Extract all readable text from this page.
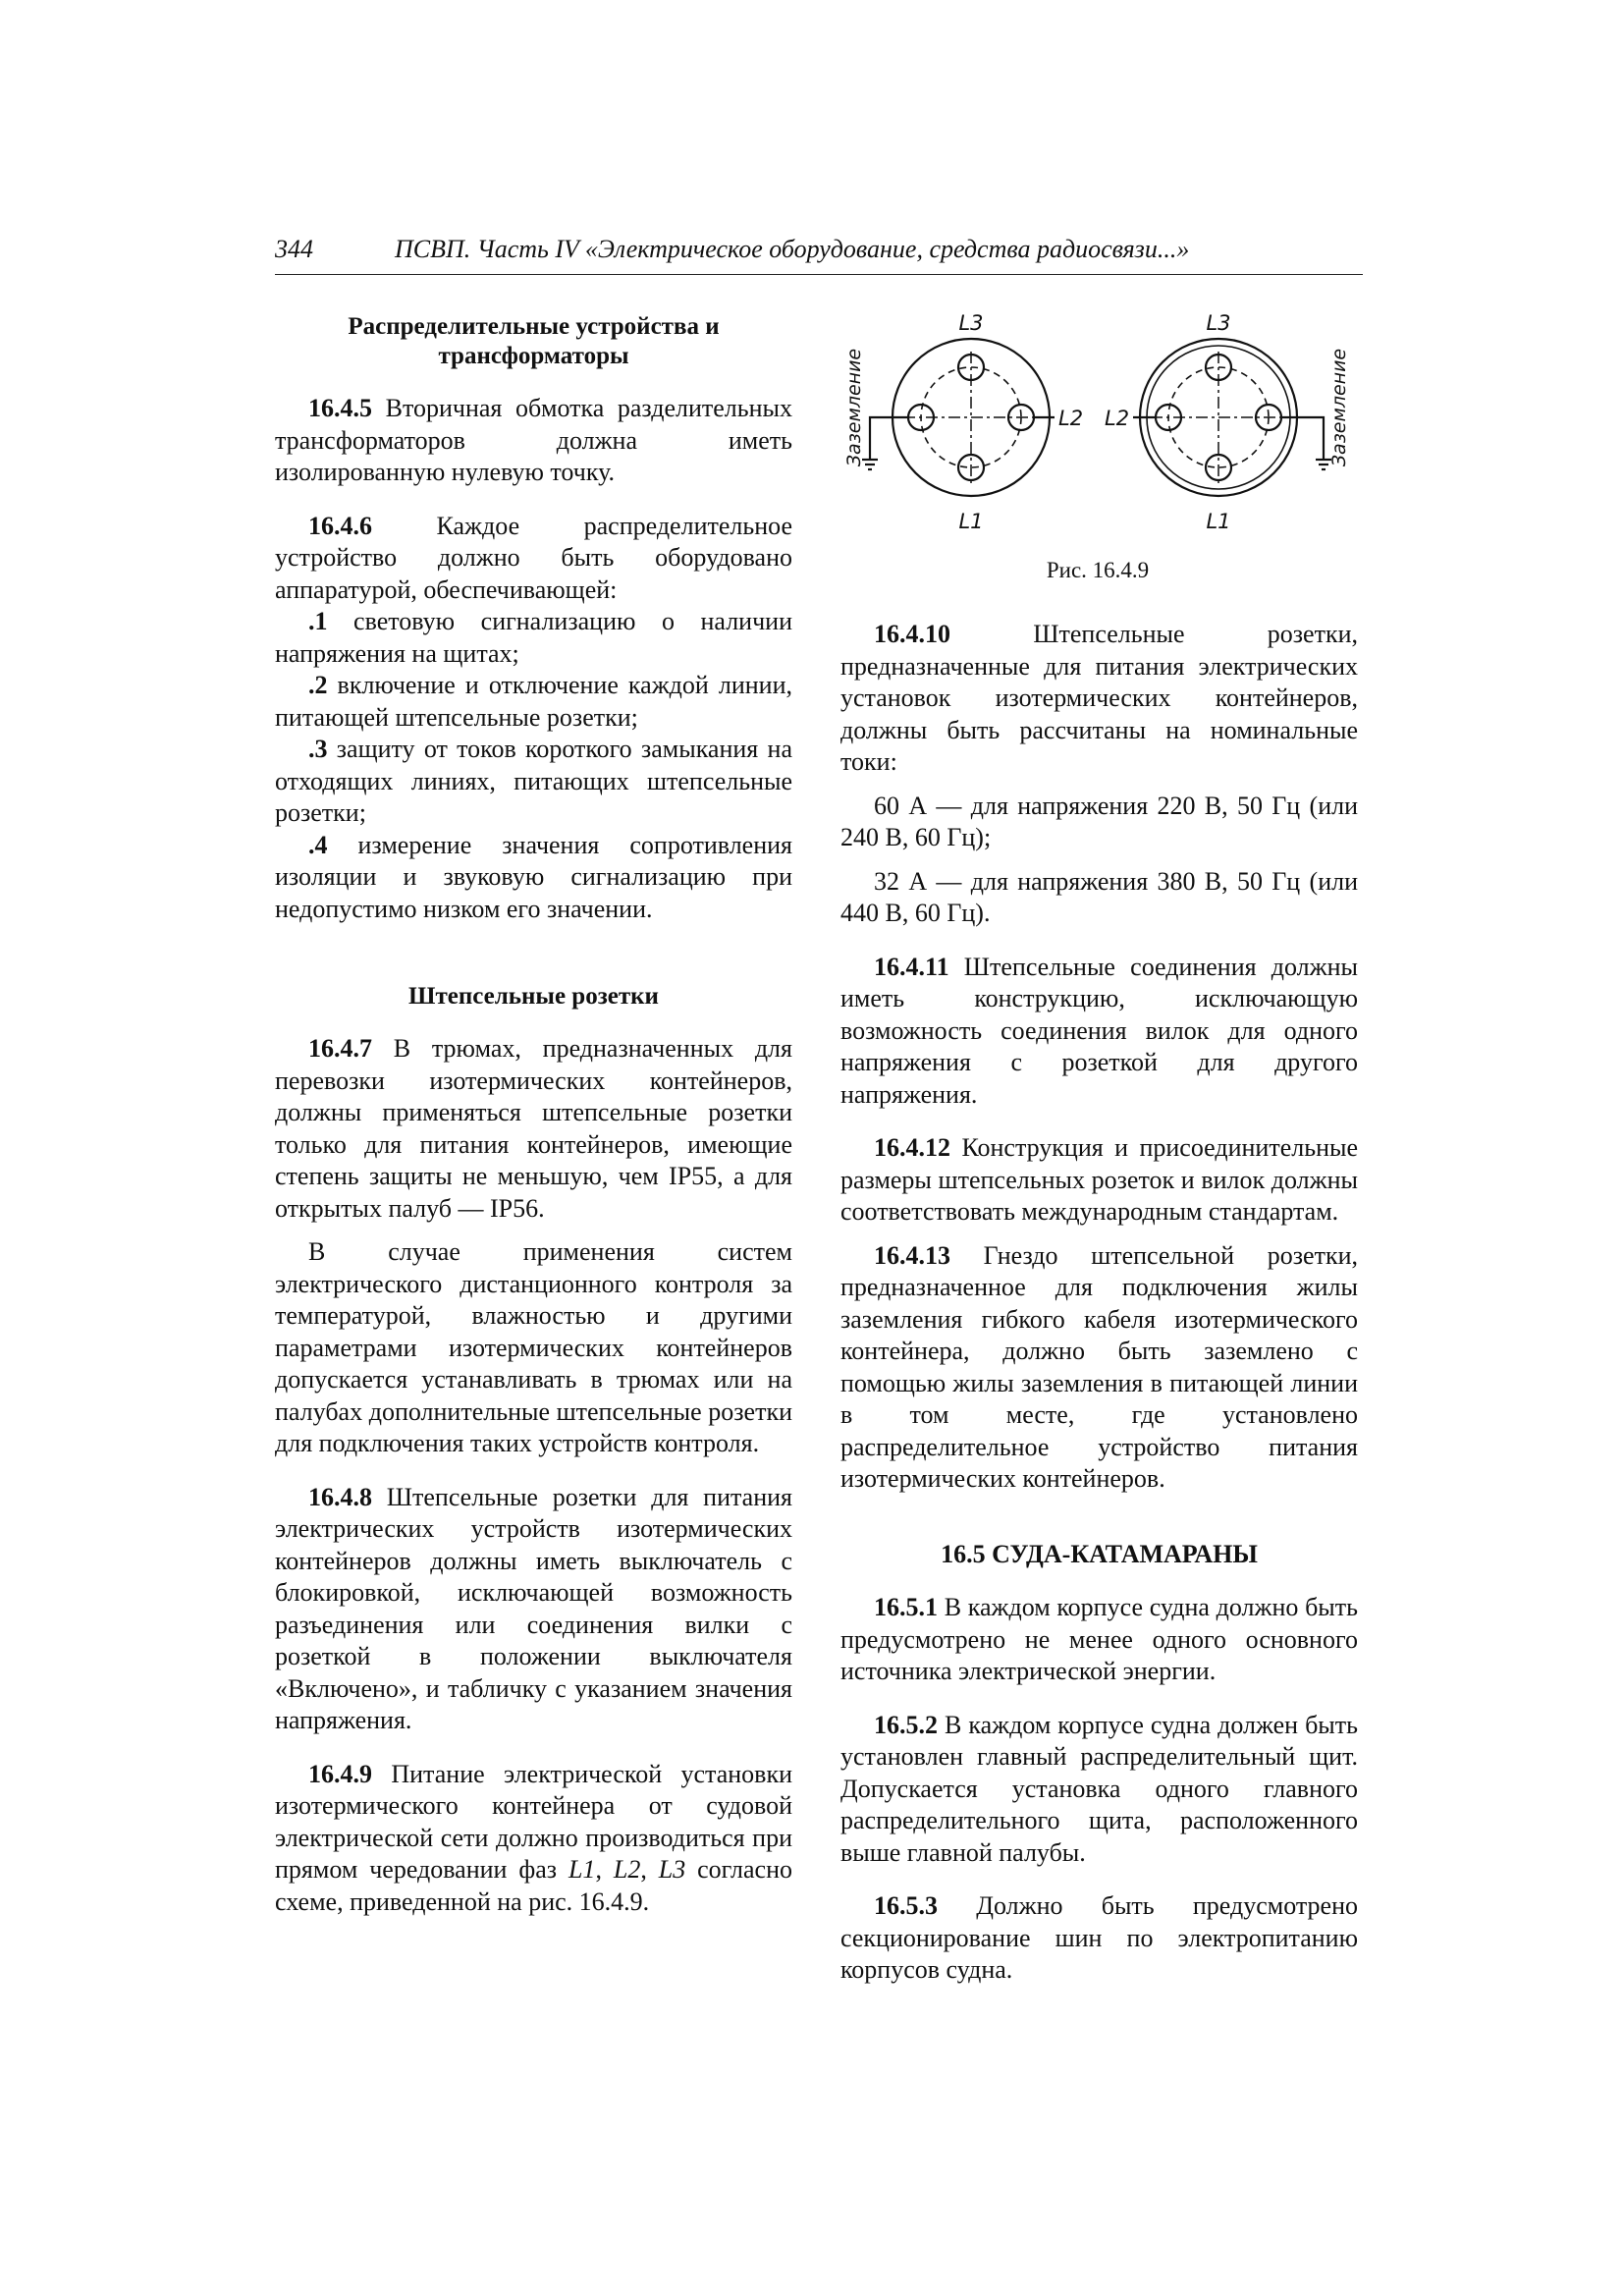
344	ПСВП. Часть IV «Электрическое оборудование, средства радиосвязи...»
Распределительные устройства и трансформаторы

16.4.5 Вторичная обмотка разделительных трансформаторов должна иметь изолированную нулевую точку.

16.4.6 Каждое распределительное устройство должно быть оборудовано аппаратурой, обеспечивающей:

.1 световую сигнализацию о наличии напряжения на щитах;

.2 включение и отключение каждой линии, питающей штепсельные розетки;

.3 защиту от токов короткого замыкания на отходящих линиях, питающих штепсельные розетки;

.4 измерение значения сопротивления изоляции и звуковую сигнализацию при недопустимо низком его значении.

Штепсельные розетки

16.4.7 В трюмах, предназначенных для перевозки изотермических контейнеров, должны применяться штепсельные розетки только для питания контейнеров, имеющие степень защиты не меньшую, чем IP55, а для открытых палуб — IP56.

В случае применения систем электрического дистанционного контроля за температурой, влажностью и другими параметрами изотермических контейнеров допускается устанавливать в трюмах или на палубах дополнительные штепсельные розетки для подключения таких устройств контроля.

16.4.8 Штепсельные розетки для питания электрических устройств изотермических контейнеров должны иметь выключатель с блокировкой, исключающей возможность разъединения или соединения вилки с розеткой в положении выключателя «Включено», и табличку с указанием значения напряжения.

16.4.9 Питание электрической установки изотермического контейнера от судовой электрической сети должно производиться при прямом чередовании фаз L1, L2, L3 согласно схеме, приведенной на рис. 16.4.9.

L3
L1
L2
L3
L1
L2
Заземление	Заземление
Рис. 16.4.9

16.4.10 Штепсельные розетки, предназначенные для питания электрических установок изотермических контейнеров, должны быть рассчитаны на номинальные токи:

60 А — для напряжения 220 В, 50 Гц (или 240 В, 60 Гц);

32 А — для напряжения 380 В, 50 Гц (или 440 В, 60 Гц).

16.4.11 Штепсельные соединения должны иметь конструкцию, исключающую возможность соединения вилок для одного напряжения с розеткой для другого напряжения.

16.4.12 Конструкция и присоединительные размеры штепсельных розеток и вилок должны соответствовать международным стандартам.

16.4.13 Гнездо штепсельной розетки, предназначенное для подключения жилы заземления гибкого кабеля изотермического контейнера, должно быть заземлено с помощью жилы заземления в питающей линии в том месте, где установлено распределительное устройство питания изотермических контейнеров.

16.5 СУДА-КАТАМАРАНЫ

16.5.1 В каждом корпусе судна должно быть предусмотрено не менее одного основного источника электрической энергии.

16.5.2 В каждом корпусе судна должен быть установлен главный распределительный щит. Допускается установка одного главного распределительного щита, расположенного выше главной палубы.

16.5.3 Должно быть предусмотрено секционирование шин по электропитанию корпусов судна.
